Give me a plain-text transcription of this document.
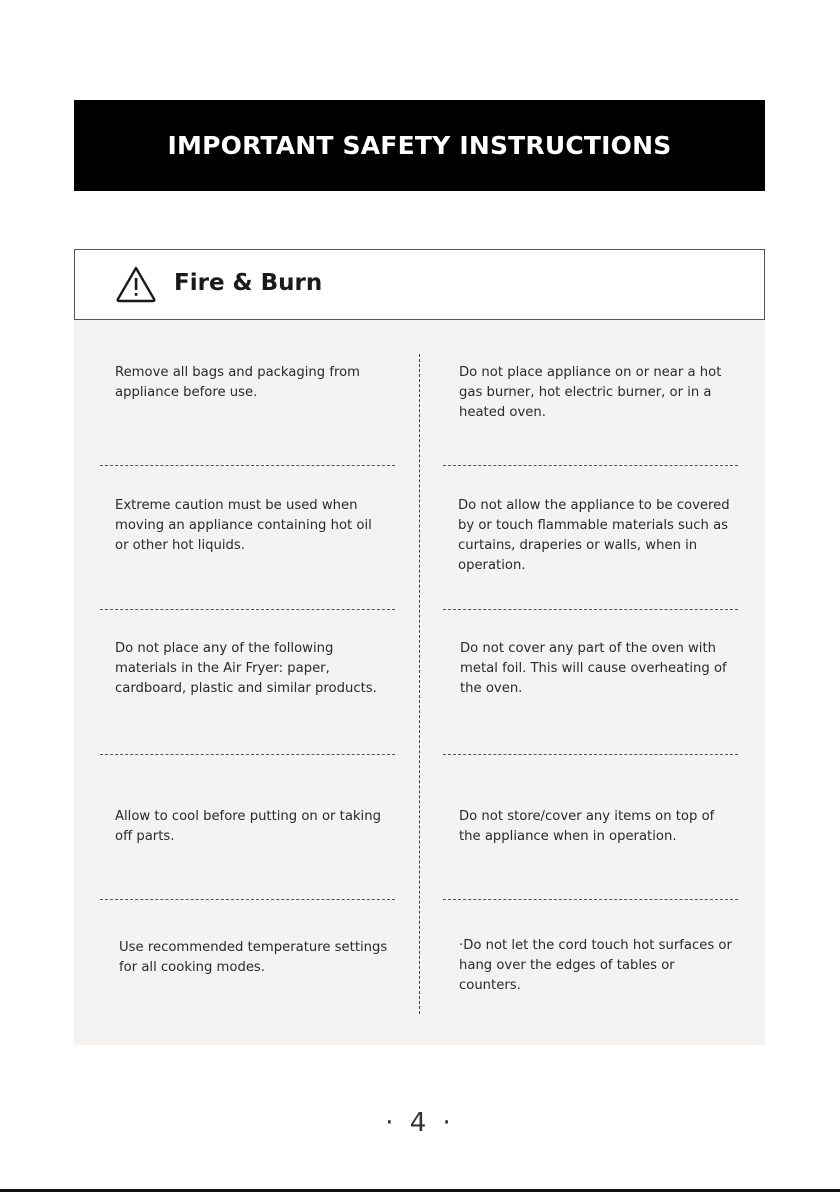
IMPORTANT SAFETY INSTRUCTIONS
Fire & Burn

Remove all bags and packaging from appliance before use.

Do not place appliance on or near a hot gas burner, hot electric burner, or in a heated oven.

Extreme caution must be used when moving an appliance containing hot oil or other hot liquids.

Do not allow the appliance to be covered by or touch flammable materials such as curtains, draperies or walls, when in operation.

Do not place any of the following materials in the Air Fryer: paper, cardboard, plastic and similar products.

Do not cover any part of the oven with metal foil. This will cause overheating of the oven.

Allow to cool before putting on or taking off parts.

Do not store/cover any items on top of the appliance when in operation.

Use recommended temperature settings for all cooking modes.

·Do not let the cord touch hot surfaces or hang over the edges of tables or counters.

· 4 ·
